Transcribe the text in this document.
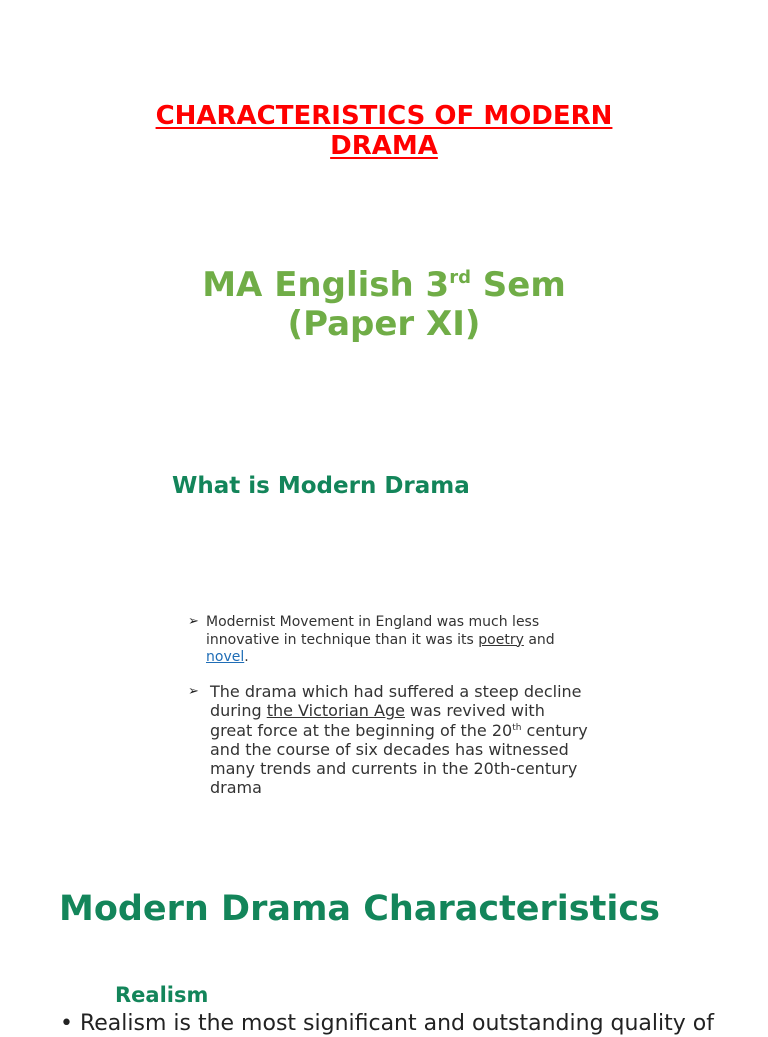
CHARACTERISTICS OF MODERN
DRAMA
MA English 3rd Sem
(Paper XI)
What is Modern Drama
➢ Modernist Movement in England was much less innovative in technique than it was its poetry and novel.
➢ The drama which had suffered a steep decline during the Victorian Age was revived with great force at the beginning of the 20th century and the course of six decades has witnessed many trends and currents in the 20th-century drama
Modern Drama Characteristics
Realism
• Realism is the most significant and outstanding quality of
